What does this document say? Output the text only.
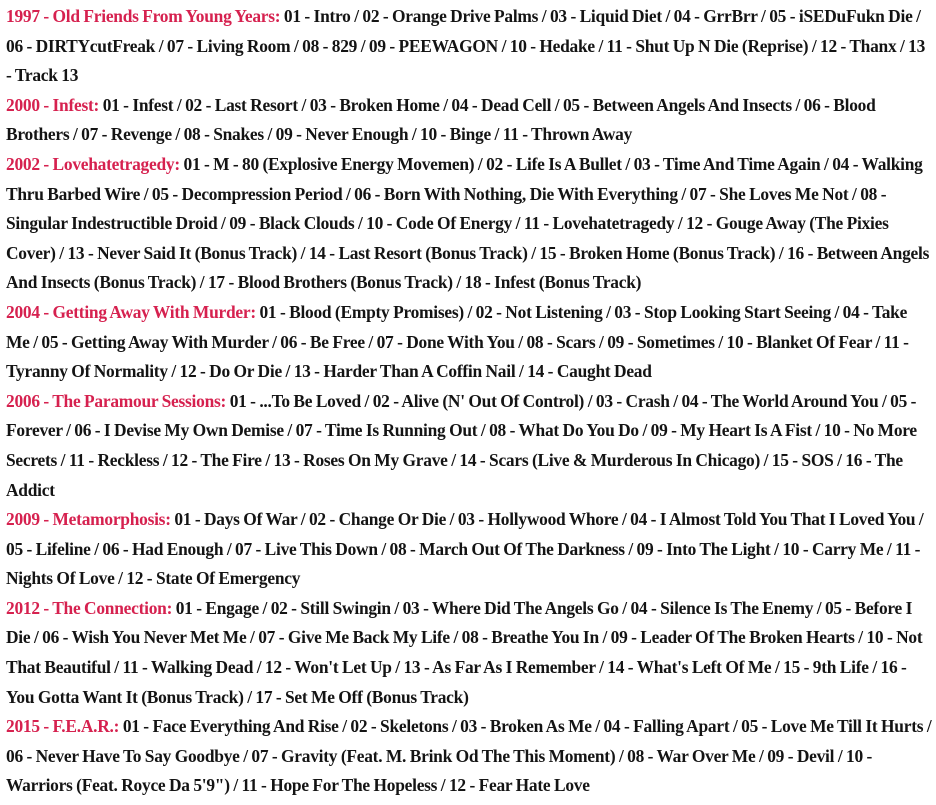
1997 - Old Friends From Young Years: 01 - Intro / 02 - Orange Drive Palms / 03 - Liquid Diet / 04 - GrrBrr / 05 - iSEDuFukn Die / 06 - DIRTYcutFreak / 07 - Living Room / 08 - 829 / 09 - PEEWAGON / 10 - Hedake / 11 - Shut Up N Die (Reprise) / 12 - Thanx / 13 - Track 13

2000 - Infest: 01 - Infest / 02 - Last Resort / 03 - Broken Home / 04 - Dead Cell / 05 - Between Angels And Insects / 06 - Blood Brothers / 07 - Revenge / 08 - Snakes / 09 - Never Enough / 10 - Binge / 11 - Thrown Away

2002 - Lovehatetragedy: 01 - M - 80 (Explosive Energy Movemen) / 02 - Life Is A Bullet / 03 - Time And Time Again / 04 - Walking Thru Barbed Wire / 05 - Decompression Period / 06 - Born With Nothing, Die With Everything / 07 - She Loves Me Not / 08 - Singular Indestructible Droid / 09 - Black Clouds / 10 - Code Of Energy / 11 - Lovehatetragedy / 12 - Gouge Away (The Pixies Cover) / 13 - Never Said It (Bonus Track) / 14 - Last Resort (Bonus Track) / 15 - Broken Home (Bonus Track) / 16 - Between Angels And Insects (Bonus Track) / 17 - Blood Brothers (Bonus Track) / 18 - Infest (Bonus Track)

2004 - Getting Away With Murder: 01 - Blood (Empty Promises) / 02 - Not Listening / 03 - Stop Looking Start Seeing / 04 - Take Me / 05 - Getting Away With Murder / 06 - Be Free / 07 - Done With You / 08 - Scars / 09 - Sometimes / 10 - Blanket Of Fear / 11 - Tyranny Of Normality / 12 - Do Or Die / 13 - Harder Than A Coffin Nail / 14 - Caught Dead

2006 - The Paramour Sessions: 01 - ...To Be Loved / 02 - Alive (N' Out Of Control) / 03 - Crash / 04 - The World Around You / 05 - Forever / 06 - I Devise My Own Demise / 07 - Time Is Running Out / 08 - What Do You Do / 09 - My Heart Is A Fist / 10 - No More Secrets / 11 - Reckless / 12 - The Fire / 13 - Roses On My Grave / 14 - Scars (Live & Murderous In Chicago) / 15 - SOS / 16 - The Addict

2009 - Metamorphosis: 01 - Days Of War / 02 - Change Or Die / 03 - Hollywood Whore / 04 - I Almost Told You That I Loved You / 05 - Lifeline / 06 - Had Enough / 07 - Live This Down / 08 - March Out Of The Darkness / 09 - Into The Light / 10 - Carry Me / 11 - Nights Of Love / 12 - State Of Emergency

2012 - The Connection: 01 - Engage / 02 - Still Swingin / 03 - Where Did The Angels Go / 04 - Silence Is The Enemy / 05 - Before I Die / 06 - Wish You Never Met Me / 07 - Give Me Back My Life / 08 - Breathe You In / 09 - Leader Of The Broken Hearts / 10 - Not That Beautiful / 11 - Walking Dead / 12 - Won't Let Up / 13 - As Far As I Remember / 14 - What's Left Of Me / 15 - 9th Life / 16 -You Gotta Want It (Bonus Track) / 17 - Set Me Off (Bonus Track)

2015 - F.E.A.R.: 01 - Face Everything And Rise / 02 - Skeletons / 03 - Broken As Me / 04 - Falling Apart / 05 - Love Me Till It Hurts / 06 - Never Have To Say Goodbye / 07 - Gravity (Feat. M. Brink Od The This Moment) / 08 - War Over Me / 09 - Devil / 10 - Warriors (Feat. Royce Da 5'9") / 11 - Hope For The Hopeless / 12 - Fear Hate Love
